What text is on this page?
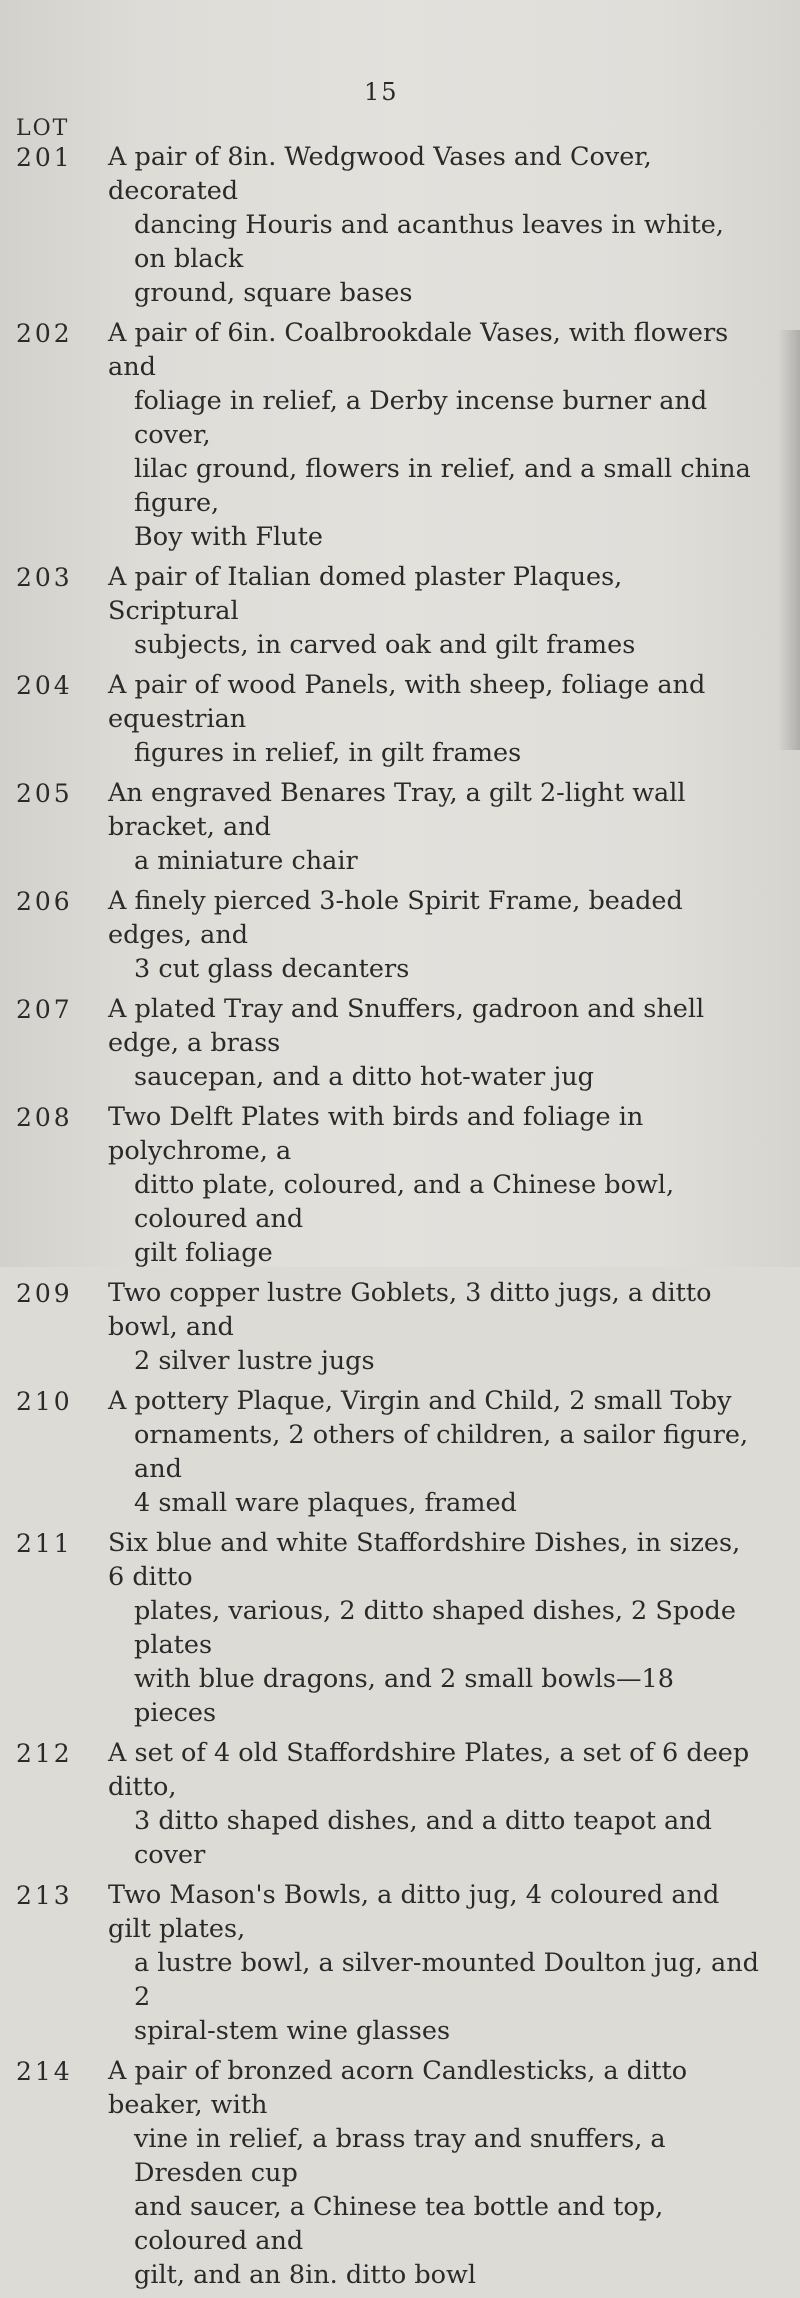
15
LOT
201 A pair of 8in. Wedgwood Vases and Cover, decorated
dancing Houris and acanthus leaves in white, on black
ground, square bases
202 A pair of 6in. Coalbrookdale Vases, with flowers and
foliage in relief, a Derby incense burner and cover,
lilac ground, flowers in relief, and a small china figure,
Boy with Flute
203 A pair of Italian domed plaster Plaques, Scriptural
subjects, in carved oak and gilt frames
204 A pair of wood Panels, with sheep, foliage and equestrian
figures in relief, in gilt frames
205 An engraved Benares Tray, a gilt 2-light wall bracket, and
a miniature chair
206 A finely pierced 3-hole Spirit Frame, beaded edges, and
3 cut glass decanters
207 A plated Tray and Snuffers, gadroon and shell edge, a brass
saucepan, and a ditto hot-water jug
208 Two Delft Plates with birds and foliage in polychrome, a
ditto plate, coloured, and a Chinese bowl, coloured and
gilt foliage
209 Two copper lustre Goblets, 3 ditto jugs, a ditto bowl, and
2 silver lustre jugs
210 A pottery Plaque, Virgin and Child, 2 small Toby
ornaments, 2 others of children, a sailor figure, and
4 small ware plaques, framed
211 Six blue and white Staffordshire Dishes, in sizes, 6 ditto
plates, various, 2 ditto shaped dishes, 2 Spode plates
with blue dragons, and 2 small bowls—18 pieces
212 A set of 4 old Staffordshire Plates, a set of 6 deep ditto,
3 ditto shaped dishes, and a ditto teapot and cover
213 Two Mason's Bowls, a ditto jug, 4 coloured and gilt plates,
a lustre bowl, a silver-mounted Doulton jug, and 2
spiral-stem wine glasses
214 A pair of bronzed acorn Candlesticks, a ditto beaker, with
vine in relief, a brass tray and snuffers, a Dresden cup
and saucer, a Chinese tea bottle and top, coloured and
gilt, and an 8in. ditto bowl
